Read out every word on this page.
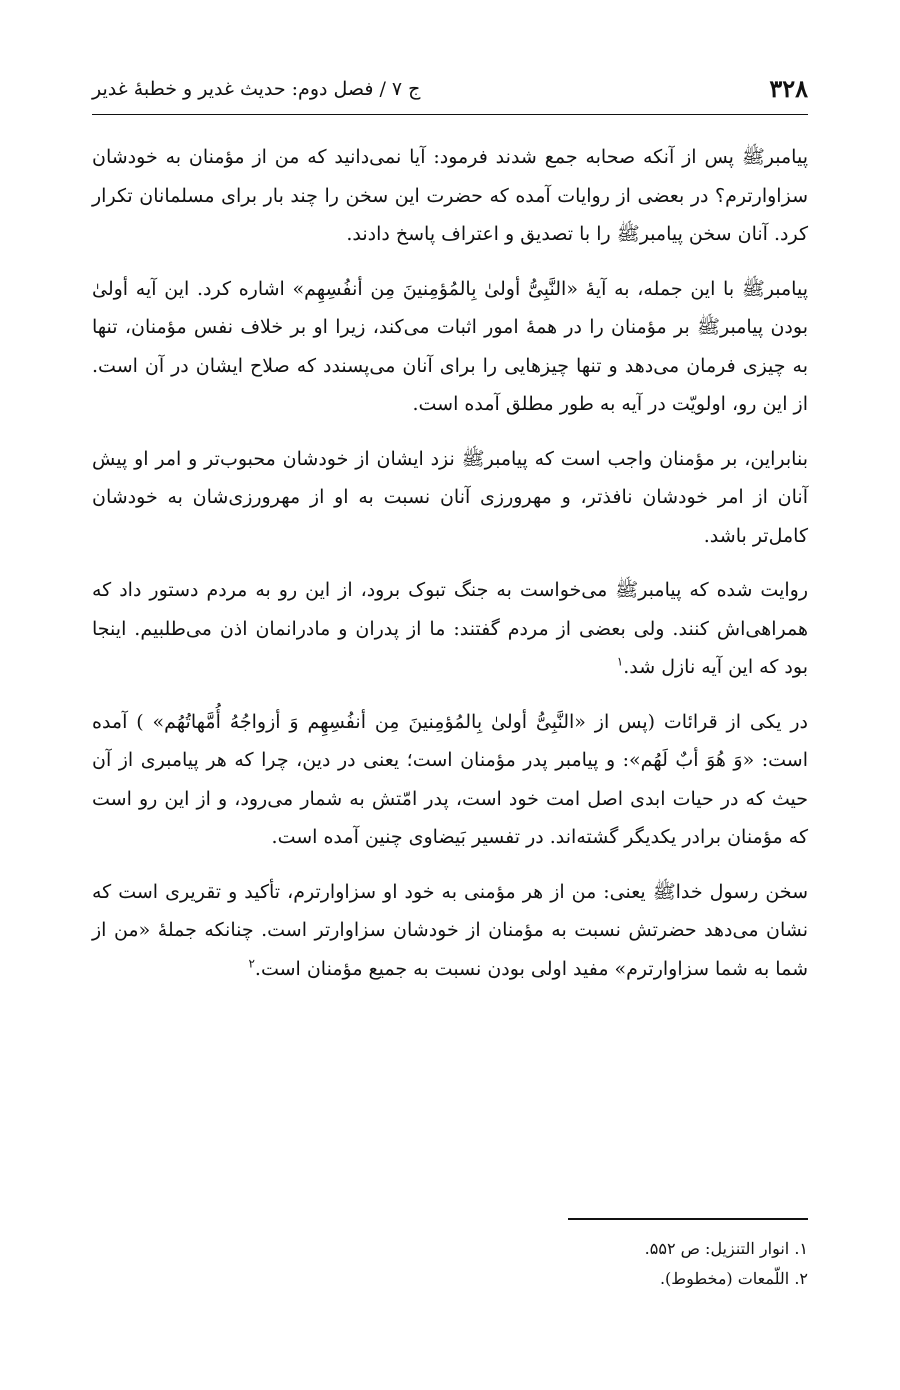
۳۲۸
ج ۷ / فصل دوم: حدیث غدیر و خطبهٔ غدیر

پیامبرﷺ پس از آنکه صحابه جمع شدند فرمود: آیا نمی‌دانید که من از مؤمنان به خودشان سزاوارترم؟ در بعضی از روایات آمده که حضرت این سخن را چند بار برای مسلمانان تکرار کرد. آنان سخن پیامبرﷺ را با تصدیق و اعتراف پاسخ دادند.

پیامبرﷺ با این جمله، به آیهٔ «النَّبِیُّ أولیٰ بِالمُؤمِنینَ مِن أنفُسِهِم» اشاره کرد. این آیه أولیٰ بودن پیامبرﷺ بر مؤمنان را در همهٔ امور اثبات می‌کند، زیرا او بر خلاف نفس مؤمنان، تنها به چیزی فرمان می‌دهد و تنها چیزهایی را برای آنان می‌پسندد که صلاح ایشان در آن است. از این رو، اولویّت در آیه به طور مطلق آمده است.

بنابراین، بر مؤمنان واجب است که پیامبرﷺ نزد ایشان از خودشان محبوب‌تر و امر او پیش آنان از امر خودشان نافذتر، و مهرورزی آنان نسبت به او از مهرورزی‌شان به خودشان کامل‌تر باشد.

روایت شده که پیامبرﷺ می‌خواست به جنگ تبوک برود، از این رو به مردم دستور داد که همراهی‌اش کنند. ولی بعضی از مردم گفتند: ما از پدران و مادرانمان اذن می‌طلبیم. اینجا بود که این آیه نازل شد.$^۱$

در یکی از قرائات (پس از «النَّبِیُّ أولیٰ بِالمُؤمِنینَ مِن أنفُسِهِم وَ أزواجُهُ أُمَّهاتُهُم» ) آمده است: «وَ هُوَ أبٌ لَهُم»: و پیامبر پدر مؤمنان است؛ یعنی در دین، چرا که هر پیامبری از آن حیث که در حیات ابدی اصل امت خود است، پدر امّتش به شمار می‌رود، و از این رو است که مؤمنان برادر یکدیگر گشته‌اند. در تفسیر بَیضاوی چنین آمده است.

سخن رسول خداﷺ یعنی: من از هر مؤمنی به خود او سزاوارترم، تأکید و تقریری است که نشان می‌دهد حضرتش نسبت به مؤمنان از خودشان سزاوارتر است. چنانکه جملهٔ «من از شما به شما سزاوارترم» مفید اولی بودن نسبت به جمیع مؤمنان است.$^۲$

۱. انوار التنزیل: ص ۵۵۲.

۲. اللّمعات (مخطوط).
